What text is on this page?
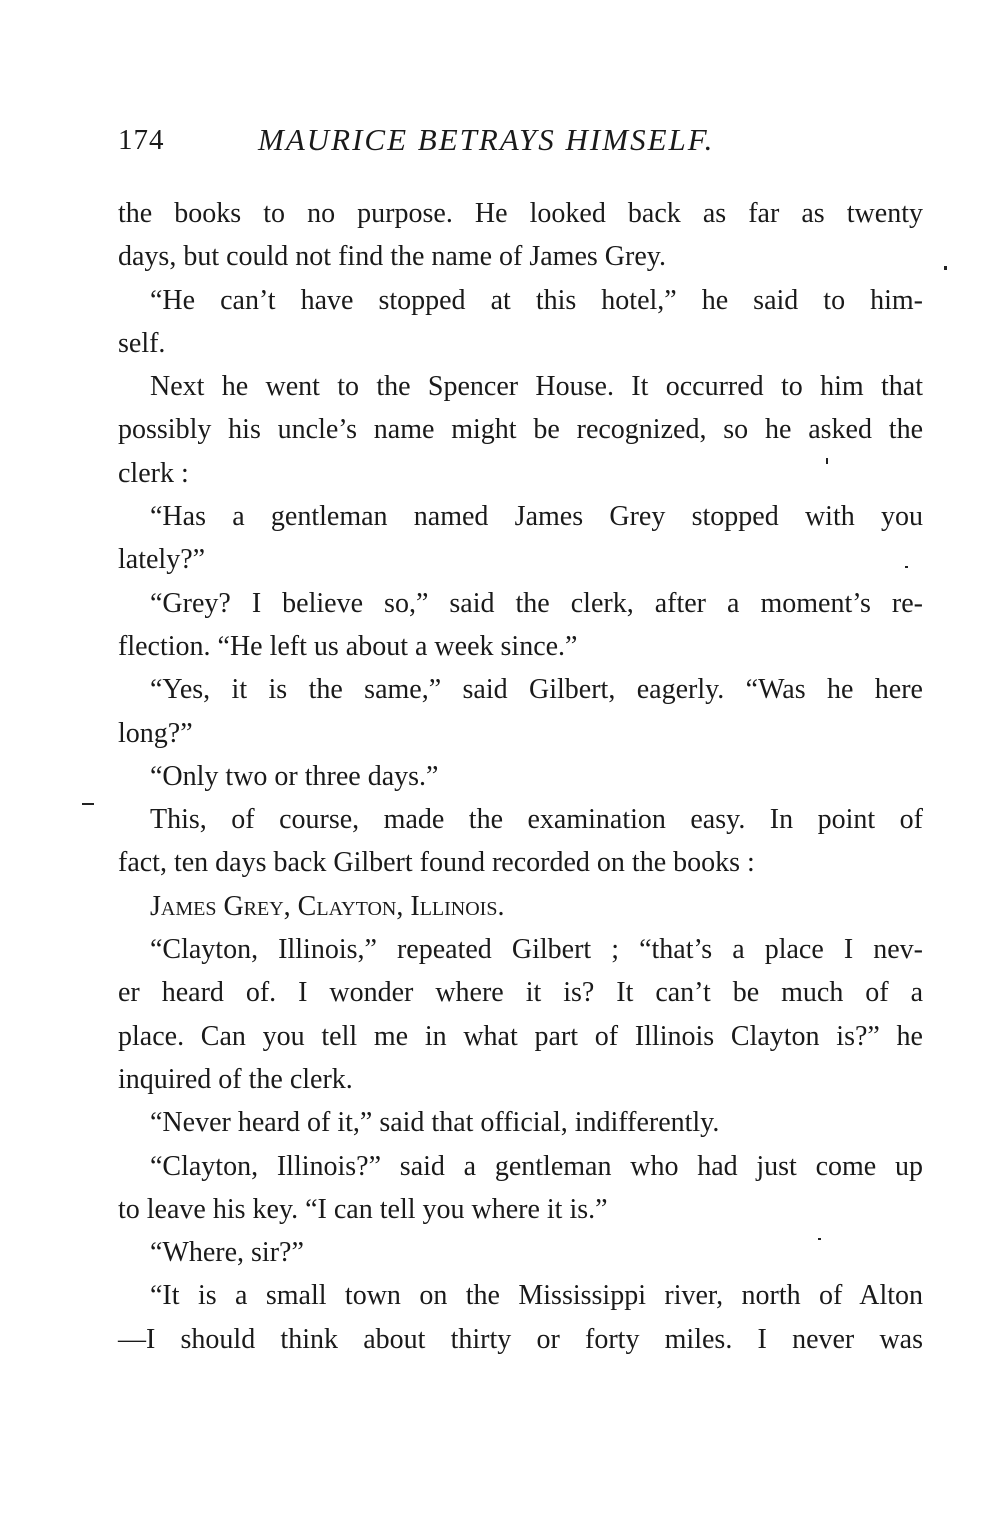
174	MAURICE BETRAYS HIMSELF.
the books to no purpose. He looked back as far as twenty
days, but could not find the name of James Grey.
“He can’t have stopped at this hotel,” he said to him-
self.
Next he went to the Spencer House. It occurred to him that
possibly his uncle’s name might be recognized, so he asked the
clerk :
“Has a gentleman named James Grey stopped with you
lately?”
“Grey? I believe so,” said the clerk, after a moment’s re-
flection. “He left us about a week since.”
“Yes, it is the same,” said Gilbert, eagerly. “Was he here
long?”
“Only two or three days.”
This, of course, made the examination easy. In point of
fact, ten days back Gilbert found recorded on the books :
James Grey, Clayton, Illinois.
“Clayton, Illinois,” repeated Gilbert ; “that’s a place I nev-
er heard of. I wonder where it is? It can’t be much of a
place. Can you tell me in what part of Illinois Clayton is?” he
inquired of the clerk.
“Never heard of it,” said that official, indifferently.
“Clayton, Illinois?” said a gentleman who had just come up
to leave his key. “I can tell you where it is.”
“Where, sir?”
“It is a small town on the Mississippi river, north of Alton
—I should think about thirty or forty miles. I never was
